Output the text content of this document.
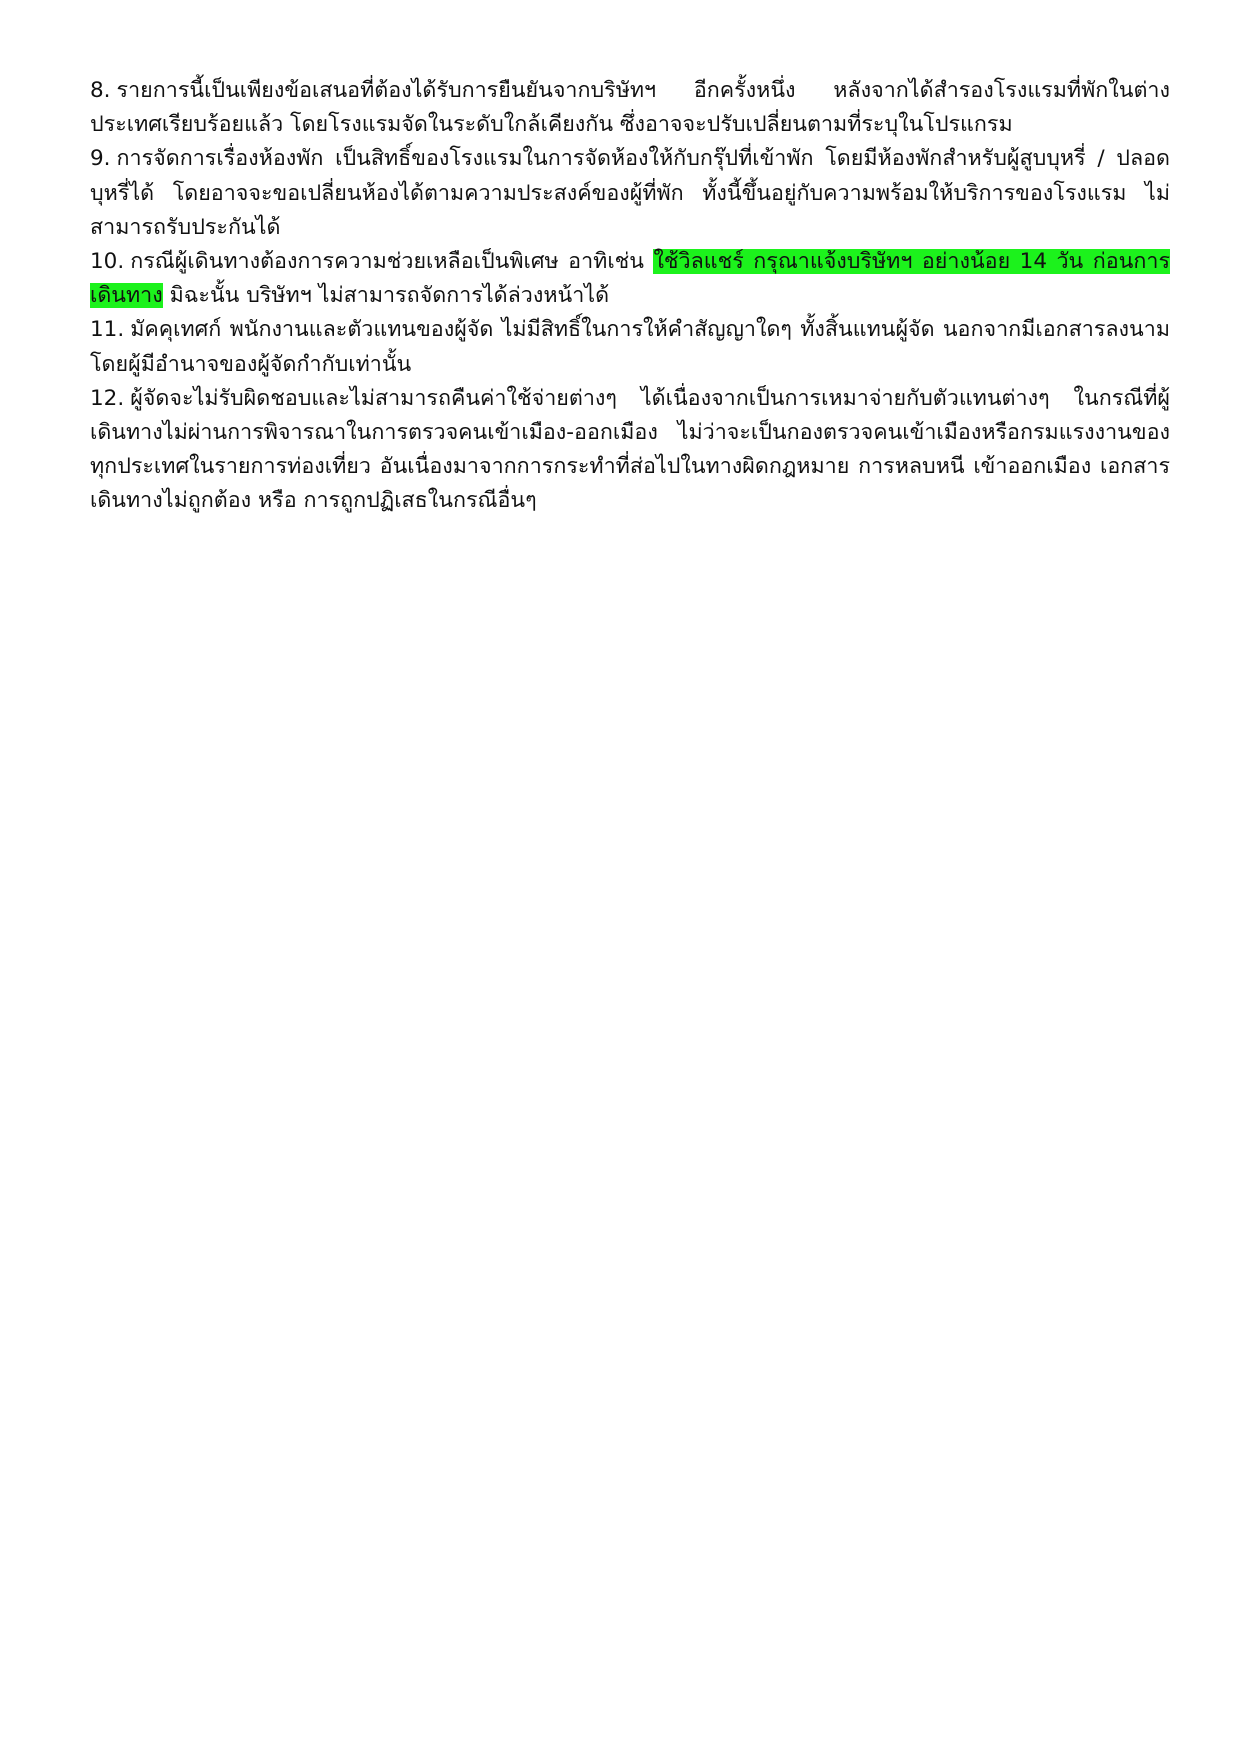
8. รายการนี้เป็นเพียงข้อเสนอที่ต้องได้รับการยืนยันจากบริษัทฯ อีกครั้งหนึ่ง หลังจากได้สำรองโรงแรมที่พักในต่างประเทศเรียบร้อยแล้ว โดยโรงแรมจัดในระดับใกล้เคียงกัน ซึ่งอาจจะปรับเปลี่ยนตามที่ระบุในโปรแกรม

9. การจัดการเรื่องห้องพัก เป็นสิทธิ์ของโรงแรมในการจัดห้องให้กับกรุ๊ปที่เข้าพัก โดยมีห้องพักสำหรับผู้สูบบุหรี่ / ปลอดบุหรี่ได้ โดยอาจจะขอเปลี่ยนห้องได้ตามความประสงค์ของผู้ที่พัก ทั้งนี้ขึ้นอยู่กับความพร้อมให้บริการของโรงแรม ไม่สามารถรับประกันได้

10. กรณีผู้เดินทางต้องการความช่วยเหลือเป็นพิเศษ อาทิเช่น ใช้วิลแชร์ กรุณาแจ้งบริษัทฯ อย่างน้อย 14 วัน ก่อนการเดินทาง มิฉะนั้น บริษัทฯ ไม่สามารถจัดการได้ล่วงหน้าได้

11. มัคคุเทศก์ พนักงานและตัวแทนของผู้จัด ไม่มีสิทธิ์ในการให้คำสัญญาใดๆ ทั้งสิ้นแทนผู้จัด นอกจากมีเอกสารลงนามโดยผู้มีอำนาจของผู้จัดกำกับเท่านั้น

12. ผู้จัดจะไม่รับผิดชอบและไม่สามารถคืนค่าใช้จ่ายต่างๆ ได้เนื่องจากเป็นการเหมาจ่ายกับตัวแทนต่างๆ ในกรณีที่ผู้เดินทางไม่ผ่านการพิจารณาในการตรวจคนเข้าเมือง-ออกเมือง ไม่ว่าจะเป็นกองตรวจคนเข้าเมืองหรือกรมแรงงานของทุกประเทศในรายการท่องเที่ยว อันเนื่องมาจากการกระทำที่ส่อไปในทางผิดกฎหมาย การหลบหนี เข้าออกเมือง เอกสารเดินทางไม่ถูกต้อง หรือ การถูกปฏิเสธในกรณีอื่นๆ
